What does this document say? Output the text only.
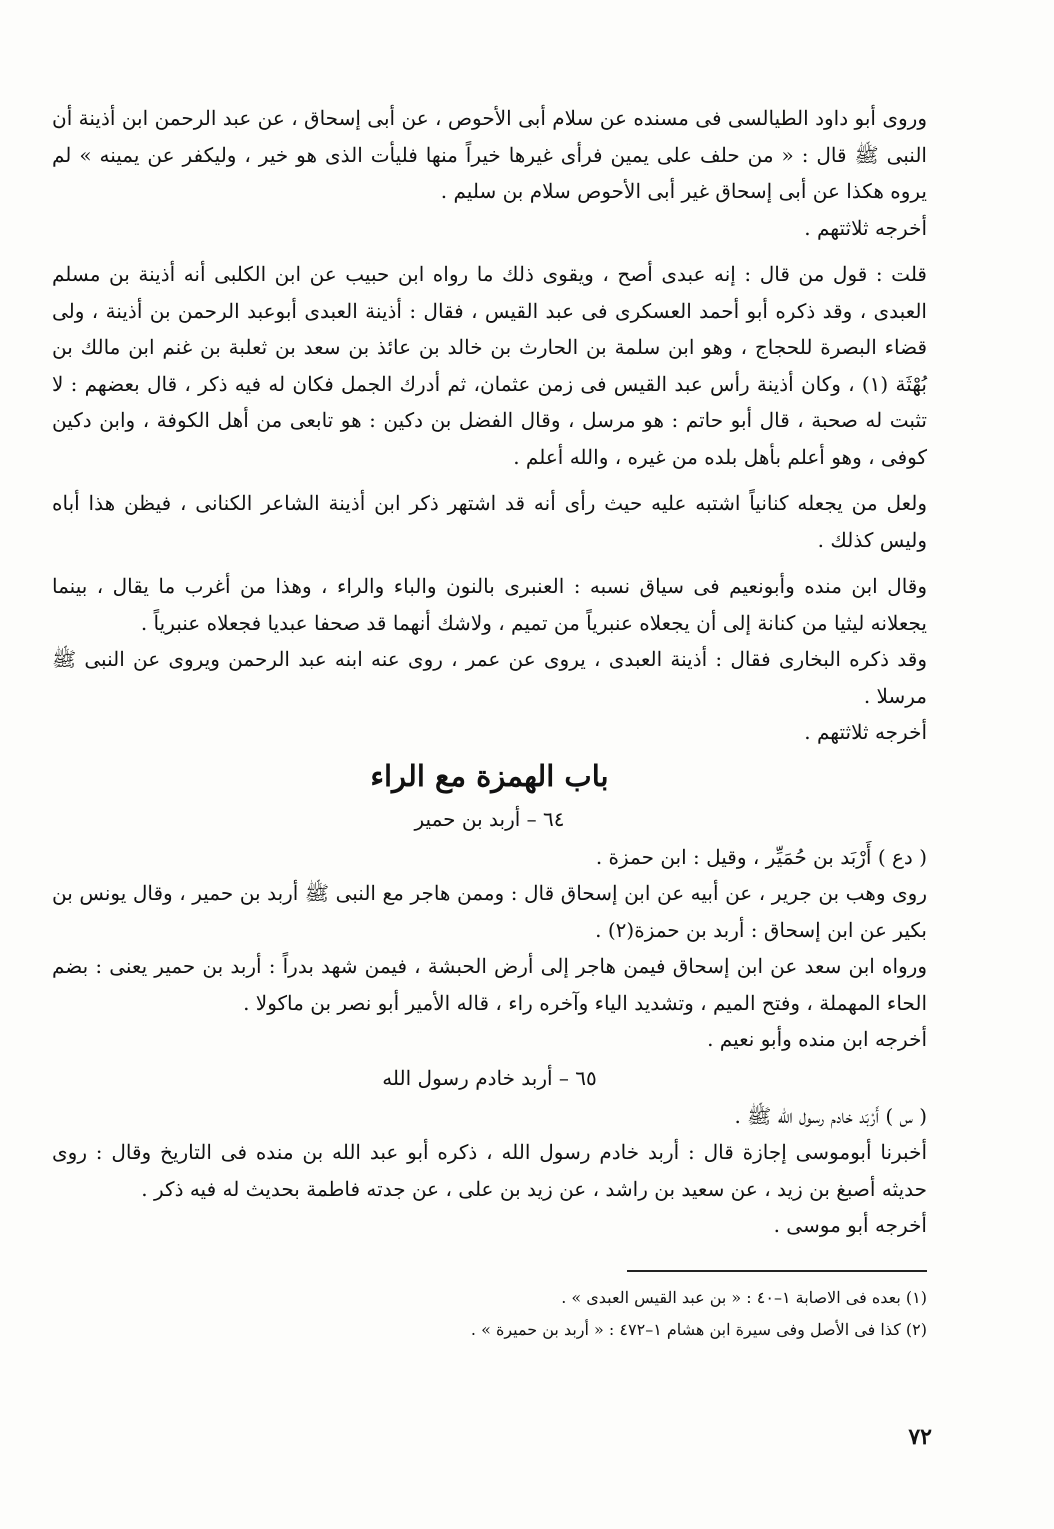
وروى أبو داود الطيالسى فى مسنده عن سلام أبى الأحوص ، عن أبى إسحاق ، عن عبد الرحمن ابن أذينة أن النبى ﷺ قال : « من حلف على يمين فرأى غيرها خيراً منها فليأت الذى هو خير ، وليكفر عن يمينه » لم يروه هكذا عن أبى إسحاق غير أبى الأحوص سلام بن سليم .

أخرجه ثلاثتهم .

قلت : قول من قال : إنه عبدى أصح ، ويقوى ذلك ما رواه ابن حبيب عن ابن الكلبى أنه أذينة بن مسلم العبدى ، وقد ذكره أبو أحمد العسكرى فى عبد القيس ، فقال : أذينة العبدى أبوعبد الرحمن بن أذينة ، ولى قضاء البصرة للحجاج ، وهو ابن سلمة بن الحارث بن خالد بن عائذ بن سعد بن ثعلبة بن غنم ابن مالك بن بُهْثَة (١) ، وكان أذينة رأس عبد القيس فى زمن عثمان، ثم أدرك الجمل فكان له فيه ذكر ، قال بعضهم : لا تثبت له صحبة ، قال أبو حاتم : هو مرسل ، وقال الفضل بن دكين : هو تابعى من أهل الكوفة ، وابن دكين كوفى ، وهو أعلم بأهل بلده من غيره ، والله أعلم .

ولعل من يجعله كنانياً اشتبه عليه حيث رأى أنه قد اشتهر ذكر ابن أذينة الشاعر الكنانى ، فيظن هذا أباه وليس كذلك .

وقال ابن منده وأبونعيم فى سياق نسبه : العنبرى بالنون والباء والراء ، وهذا من أغرب ما يقال ، بينما يجعلانه ليثيا من كنانة إلى أن يجعلاه عنبرياً من تميم ، ولاشك أنهما قد صحفا عبديا فجعلاه عنبرياً .

وقد ذكره البخارى فقال : أذينة العبدى ، يروى عن عمر ، روى عنه ابنه عبد الرحمن ويروى عن النبى ﷺ مرسلا .

أخرجه ثلاثتهم .

باب الهمزة مع الراء
٦٤ – أربد بن حمير

( دع ) أَرْبَد بن حُمَيِّر ، وقيل : ابن حمزة .

روى وهب بن جرير ، عن أبيه عن ابن إسحاق قال : وممن هاجر مع النبى ﷺ أربد بن حمير ، وقال يونس بن بكير عن ابن إسحاق : أربد بن حمزة(٢) .

ورواه ابن سعد عن ابن إسحاق فيمن هاجر إلى أرض الحبشة ، فيمن شهد بدراً : أربد بن حمير يعنى : بضم الحاء المهملة ، وفتح الميم ، وتشديد الياء وآخره راء ، قاله الأمير أبو نصر بن ماكولا .

أخرجه ابن منده وأبو نعيم .

٦٥ – أربد خادم رسول الله

( س ) أَرْبَد خادم رسول الله ﷺ .

أخبرنا أبوموسى إجازة قال : أربد خادم رسول الله ، ذكره أبو عبد الله بن منده فى التاريخ وقال : روى حديثه أصبغ بن زيد ، عن سعيد بن راشد ، عن زيد بن على ، عن جدته فاطمة بحديث له فيه ذكر .

أخرجه أبو موسى .

(١) بعده فى الاصابة ١–٤٠ : « بن عبد القيس العبدى » .

(٢) كذا فى الأصل وفى سيرة ابن هشام ١–٤٧٢ : « أربد بن حميرة » .

٧٢
